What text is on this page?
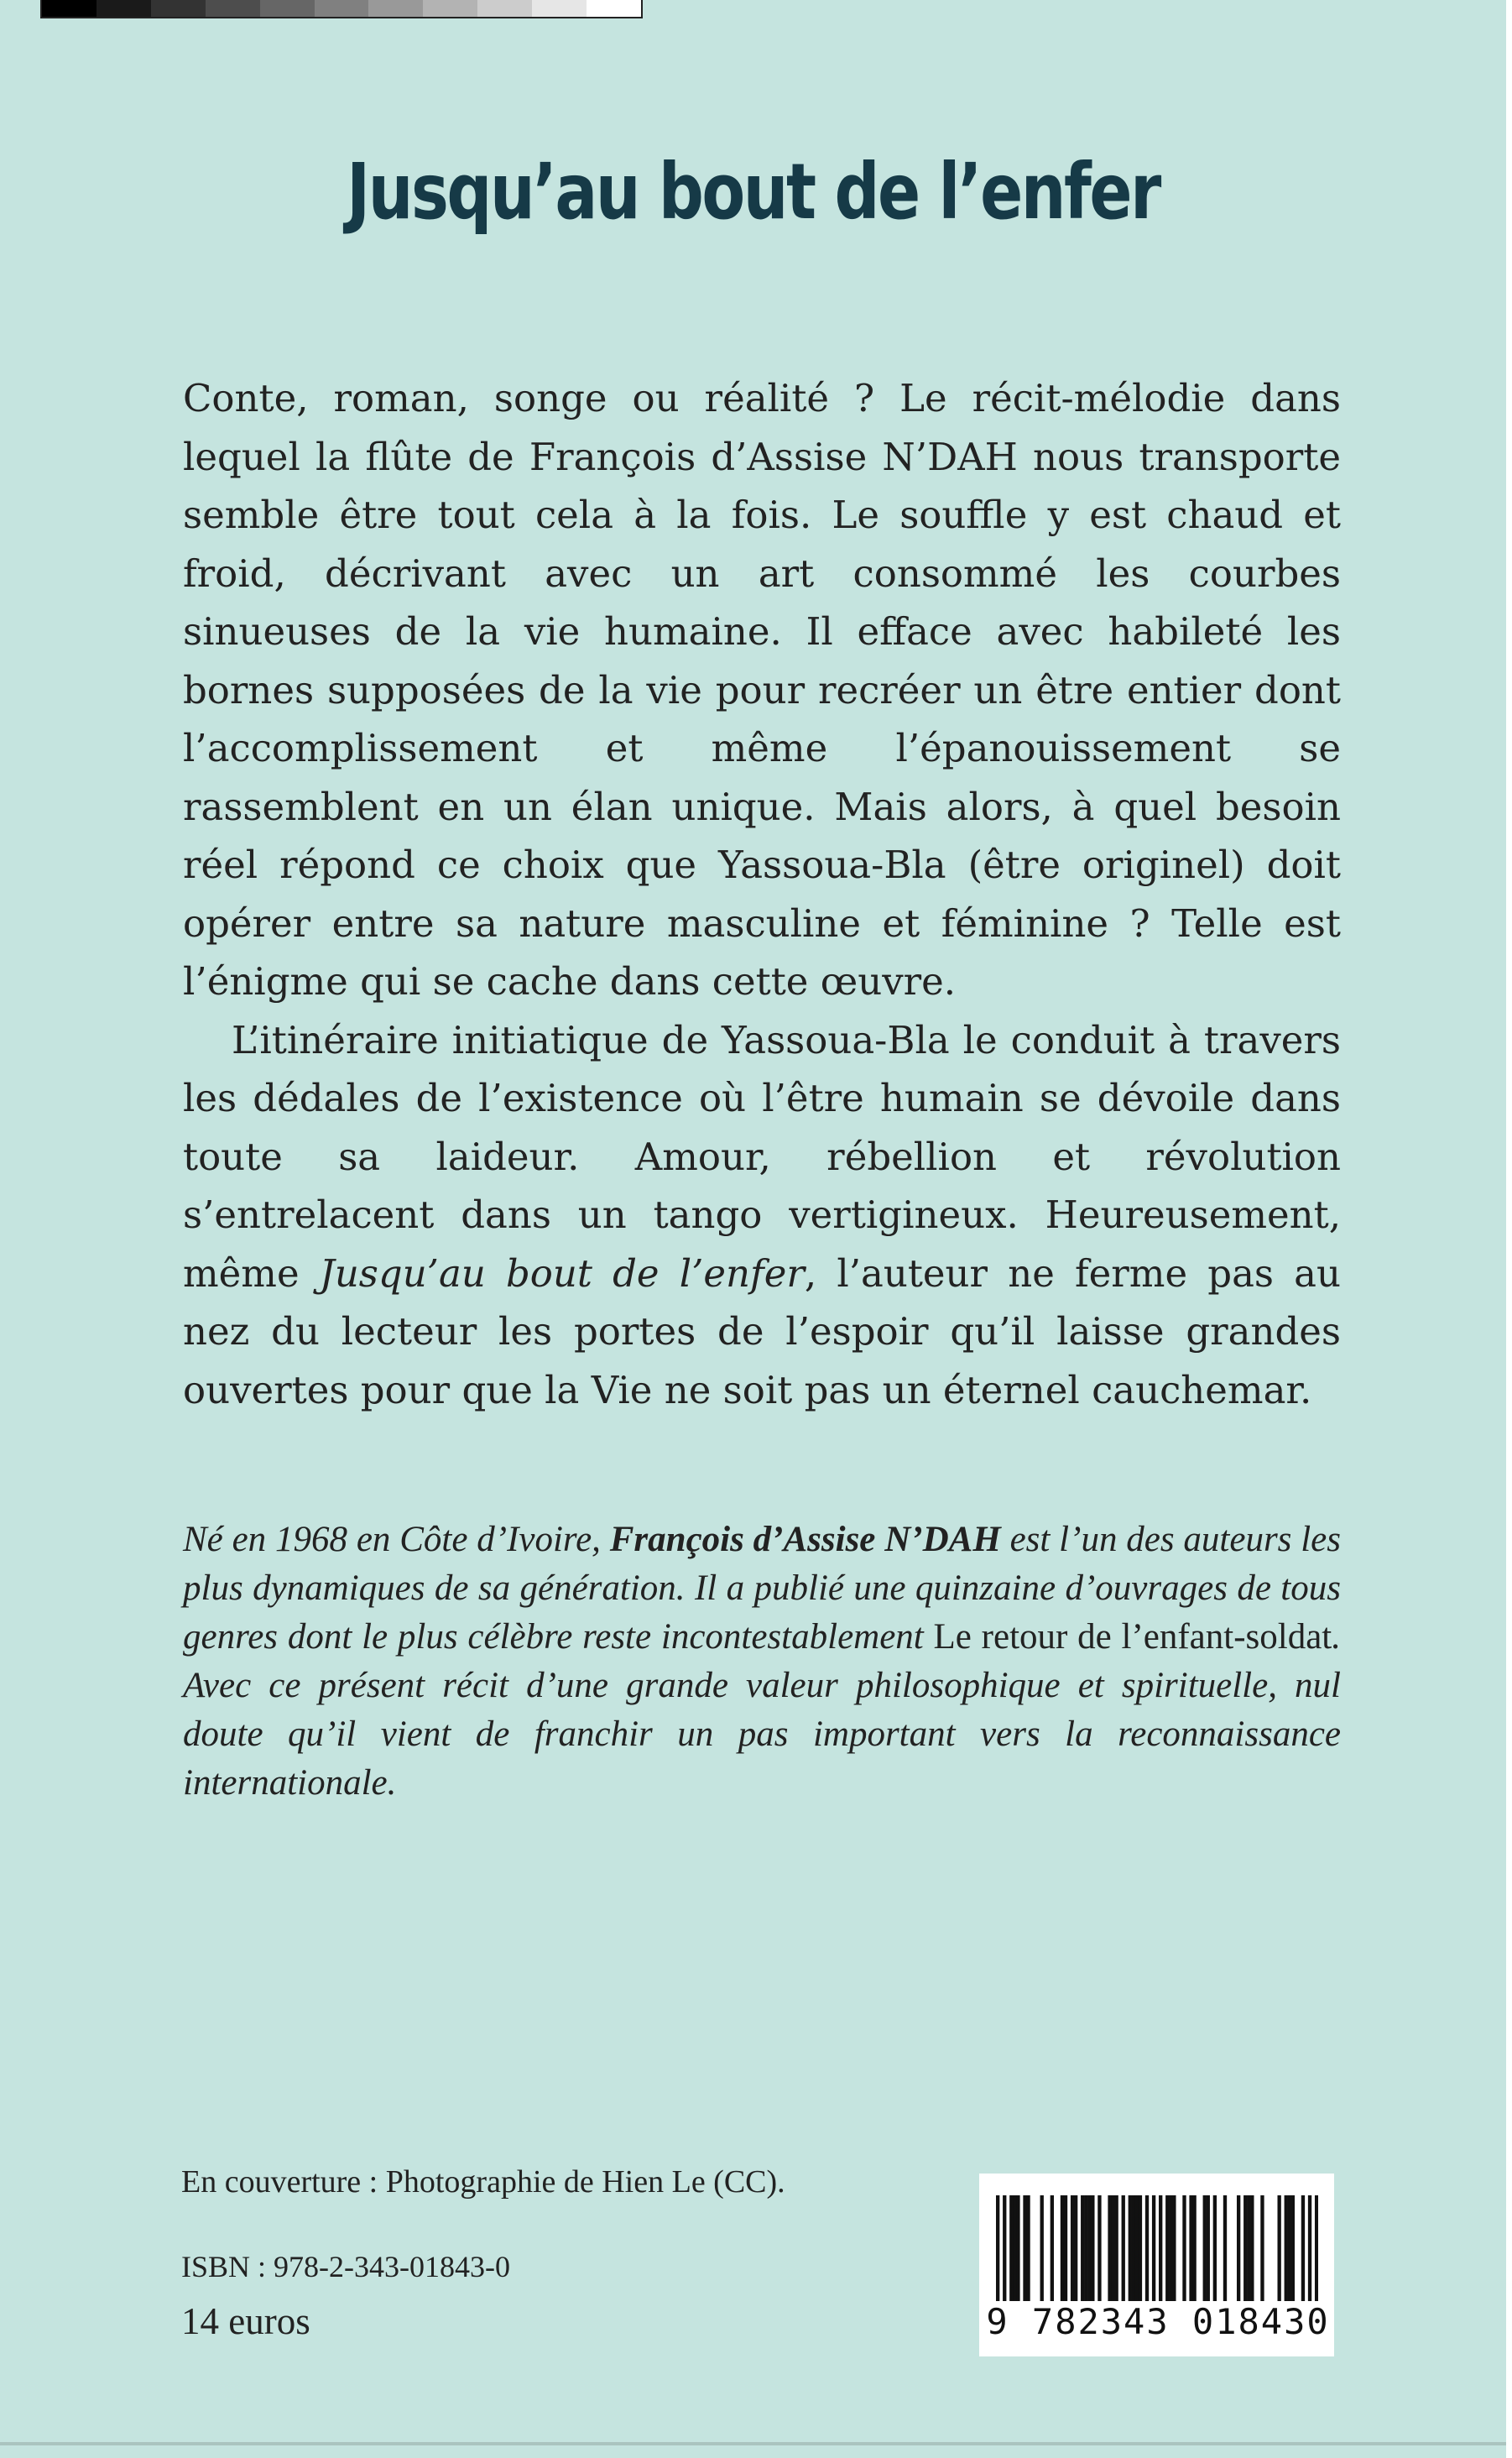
Jusqu’au bout de l’enfer

Conte, roman, songe ou réalité ? Le récit-mélodie dans lequel la flûte de François d’Assise N’DAH nous transporte semble être tout cela à la fois. Le souffle y est chaud et froid, décrivant avec un art consommé les courbes sinueuses de la vie humaine. Il efface avec habileté les bornes supposées de la vie pour recréer un être entier dont l’accomplissement et même l’épanouissement se rassemblent en un élan unique. Mais alors, à quel besoin réel répond ce choix que Yassoua-Bla (être originel) doit opérer entre sa nature masculine et féminine ? Telle est l’énigme qui se cache dans cette œuvre.

L’itinéraire initiatique de Yassoua-Bla le conduit à travers les dédales de l’existence où l’être humain se dévoile dans toute sa laideur. Amour, rébellion et révolution s’entrelacent dans un tango vertigineux. Heureusement, même Jusqu’au bout de l’enfer, l’auteur ne ferme pas au nez du lecteur les portes de l’espoir qu’il laisse grandes ouvertes pour que la Vie ne soit pas un éternel cauchemar.

Né en 1968 en Côte d’Ivoire, François d’Assise N’DAH est l’un des auteurs les plus dynamiques de sa génération. Il a publié une quinzaine d’ouvrages de tous genres dont le plus célèbre reste incontestablement Le retour de l’enfant-soldat. Avec ce présent récit d’une grande valeur philosophique et spirituelle, nul doute qu’il vient de franchir un pas important vers la reconnaissance internationale.

En couverture : Photographie de Hien Le (CC).
ISBN : 978-2-343-01843-0
14 euros	9 782343 018430
